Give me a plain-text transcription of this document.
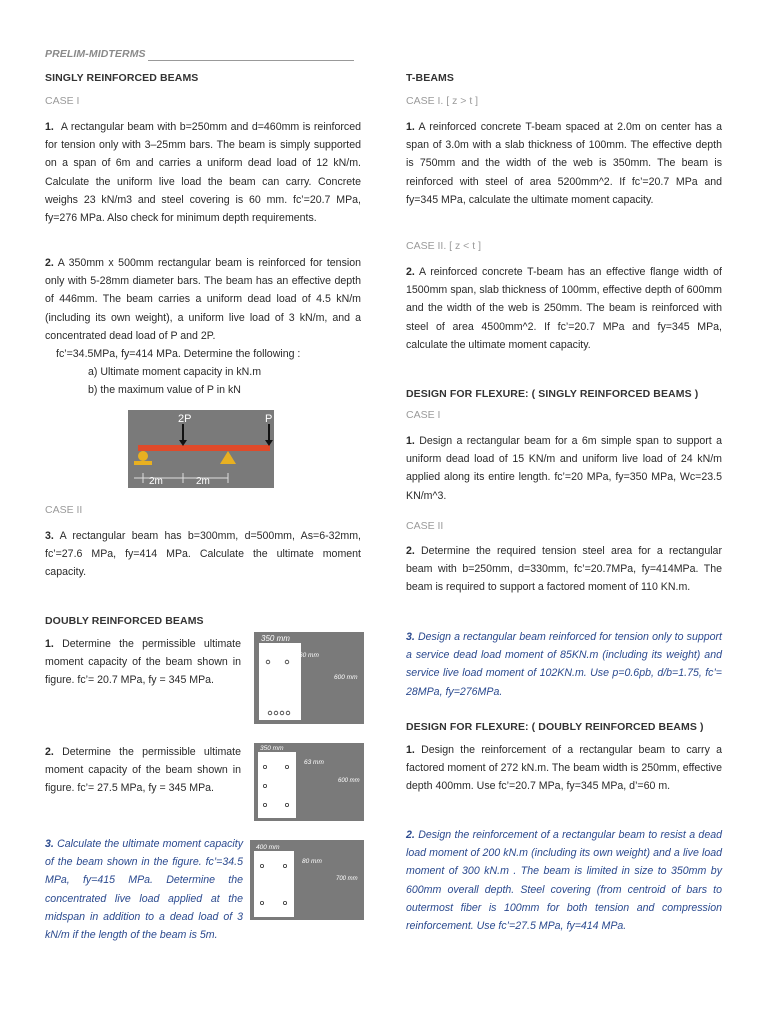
PRELIM-MIDTERMS
SINGLY REINFORCED BEAMS
CASE I
1. A rectangular beam with b=250mm and d=460mm is reinforced for tension only with 3–25mm bars. The beam is simply supported on a span of 6m and carries a uniform dead load of 12 kN/m. Calculate the uniform live load the beam can carry. Concrete weighs 23 kN/m3 and steel covering is 60 mm. fc’=20.7 MPa, fy=276 MPa. Also check for minimum depth requirements.
2. A 350mm x 500mm rectangular beam is reinforced for tension only with 5-28mm diameter bars. The beam has an effective depth of 446mm. The beam carries a uniform dead load of 4.5 kN/m (including its own weight), a uniform live load of 3 kN/m, and a concentrated dead load of P and 2P.
fc’=34.5MPa, fy=414 MPa. Determine the following :
a) Ultimate moment capacity in kN.m
b) the maximum value of P in kN
2P	P
2m	2m
CASE II
3. A rectangular beam has b=300mm, d=500mm, As=6-32mm, fc’=27.6 MPa, fy=414 MPa. Calculate the ultimate moment capacity.
DOUBLY REINFORCED BEAMS
1. Determine the permissible ultimate moment capacity of the beam shown in figure. fc’= 20.7 MPa, fy = 345 MPa.
350 mm
60 mm
600 mm
2. Determine the permissible ultimate moment capacity of the beam shown in figure. fc’= 27.5 MPa, fy = 345 MPa.
350 mm
63 mm
600 mm
3. Calculate the ultimate moment capacity of the beam shown in the figure. fc’=34.5 MPa, fy=415 MPa. Determine the concentrated live load applied at the midspan in addition to a dead load of 3 kN/m if the length of the beam is 5m.
400 mm
80 mm
700 mm
T-BEAMS
CASE I. [ z > t ]
1. A reinforced concrete T-beam spaced at 2.0m on center has a span of 3.0m with a slab thickness of 100mm. The effective depth is 750mm and the width of the web is 350mm. The beam is reinforced with steel of area 5200mm^2. If fc’=20.7 MPa and fy=345 MPa, calculate the ultimate moment capacity.
CASE II. [ z < t ]
2. A reinforced concrete T-beam has an effective flange width of 1500mm span, slab thickness of 100mm, effective depth of 600mm and the width of the web is 250mm. The beam is reinforced with steel of area 4500mm^2. If fc’=20.7 MPa and fy=345 MPa, calculate the ultimate moment capacity.
DESIGN FOR FLEXURE: ( SINGLY REINFORCED BEAMS )
CASE I
1. Design a rectangular beam for a 6m simple span to support a uniform dead load of 15 KN/m and uniform live load of 24 kN/m applied along its entire length. fc’=20 MPa, fy=350 MPa, Wc=23.5 KN/m^3.
CASE II
2. Determine the required tension steel area for a rectangular beam with b=250mm, d=330mm, fc’=20.7MPa, fy=414MPa. The beam is required to support a factored moment of 110 KN.m.
3. Design a rectangular beam reinforced for tension only to support a service dead load moment of 85KN.m (including its weight) and service live load moment of 102KN.m. Use p=0.6pb, d/b=1.75, fc’= 28MPa, fy=276MPa.
DESIGN FOR FLEXURE: ( DOUBLY REINFORCED BEAMS )
1. Design the reinforcement of a rectangular beam to carry a factored moment of 272 kN.m. The beam width is 250mm, effective depth 400mm. Use fc’=20.7 MPa, fy=345 MPa, d’=60 m.
2. Design the reinforcement of a rectangular beam to resist a dead load moment of 200 kN.m (including its own weight) and a live load moment of 300 kN.m . The beam is limited in size to 350mm by 600mm overall depth. Steel covering (from centroid of bars to outermost fiber is 100mm for both tension and compression reinforcement. Use fc’=27.5 MPa, fy=414 MPa.
